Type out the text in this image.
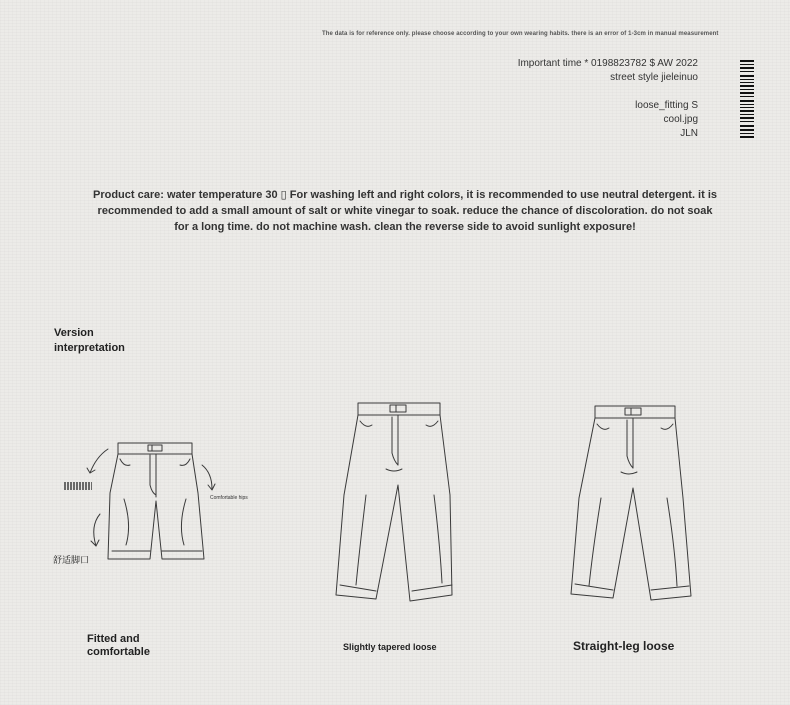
The data is for reference only. please choose according to your own wearing habits. there is an error of 1-3cm in manual measurement
Important time * 0198823782 $ AW 2022
street style jieleinuo
loose_fitting S
cool.jpg
JLN
Product care: water temperature 30 ▯ For washing left and right colors, it is recommended to use neutral detergent. it is recommended to add a small amount of salt or white vinegar to soak. reduce the chance of discoloration. do not soak for a long time. do not machine wash. clean the reverse side to avoid sunlight exposure!
Version
interpretation
Comfortable hips
舒适脚口
Fitted and
comfortable	Slightly tapered loose	Straight-leg loose
